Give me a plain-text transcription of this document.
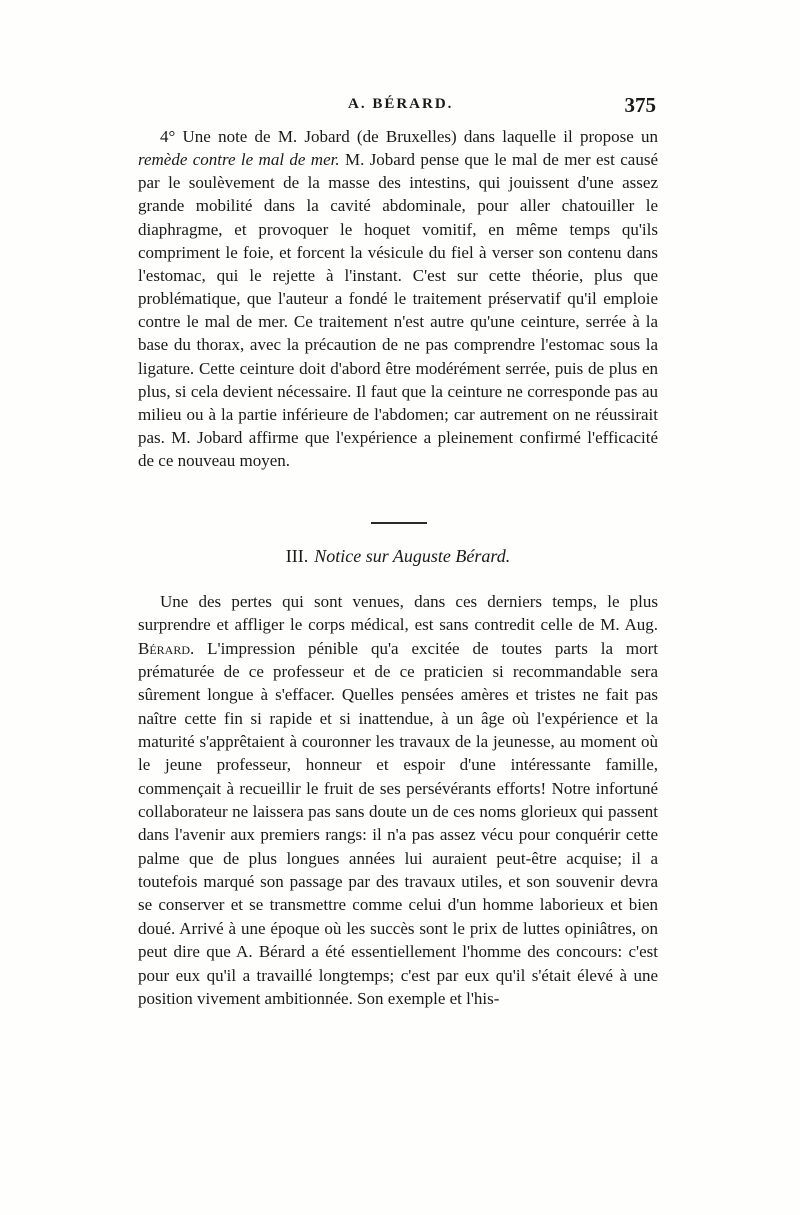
A. BÉRARD.	375

4° Une note de M. Jobard (de Bruxelles) dans laquelle il propose un remède contre le mal de mer. M. Jobard pense que le mal de mer est causé par le soulèvement de la masse des intestins, qui jouissent d'une assez grande mobilité dans la cavité abdominale, pour aller chatouiller le diaphragme, et provoquer le hoquet vomitif, en même temps qu'ils compriment le foie, et forcent la vésicule du fiel à verser son contenu dans l'estomac, qui le rejette à l'instant. C'est sur cette théorie, plus que problématique, que l'auteur a fondé le traitement préservatif qu'il emploie contre le mal de mer. Ce traitement n'est autre qu'une ceinture, serrée à la base du thorax, avec la précaution de ne pas comprendre l'estomac sous la ligature. Cette ceinture doit d'abord être modérément serrée, puis de plus en plus, si cela devient nécessaire. Il faut que la ceinture ne corresponde pas au milieu ou à la partie inférieure de l'abdomen; car autrement on ne réussirait pas. M. Jobard affirme que l'expérience a pleinement confirmé l'efficacité de ce nouveau moyen.

III. Notice sur Auguste Bérard.

Une des pertes qui sont venues, dans ces derniers temps, le plus surprendre et affliger le corps médical, est sans contredit celle de M. Aug. Bérard. L'impression pénible qu'a excitée de toutes parts la mort prématurée de ce professeur et de ce praticien si recommandable sera sûrement longue à s'effacer. Quelles pensées amères et tristes ne fait pas naître cette fin si rapide et si inattendue, à un âge où l'expérience et la maturité s'apprêtaient à couronner les travaux de la jeunesse, au moment où le jeune professeur, honneur et espoir d'une intéressante famille, commençait à recueillir le fruit de ses persévérants efforts! Notre infortuné collaborateur ne laissera pas sans doute un de ces noms glorieux qui passent dans l'avenir aux premiers rangs: il n'a pas assez vécu pour conquérir cette palme que de plus longues années lui auraient peut-être acquise; il a toutefois marqué son passage par des travaux utiles, et son souvenir devra se conserver et se transmettre comme celui d'un homme laborieux et bien doué. Arrivé à une époque où les succès sont le prix de luttes opiniâtres, on peut dire que A. Bérard a été essentiellement l'homme des concours: c'est pour eux qu'il a travaillé longtemps; c'est par eux qu'il s'était élevé à une position vivement ambitionnée. Son exemple et l'his-
